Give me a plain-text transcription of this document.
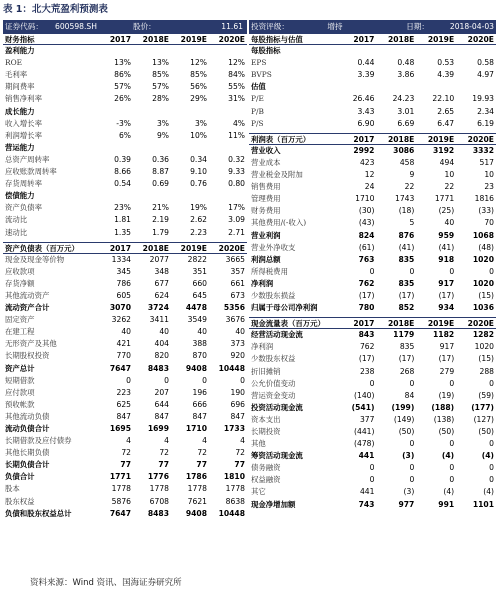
表 1：北大荒盈利预测表
证券代码：	600598.SH	股价：	11.61
财务指标	2017	2018E	2019E	2020E
盈利能力
ROE	13%	13%	12%	12%
毛利率	86%	85%	85%	84%
期间费率	57%	57%	56%	55%
销售净利率	26%	28%	29%	31%
成长能力
收入增长率	-3%	3%	3%	4%
利润增长率	6%	9%	10%	11%
营运能力
总资产周转率	0.39	0.36	0.34	0.32
应收账款周转率	8.66	8.87	9.10	9.33
存货周转率	0.54	0.69	0.76	0.80
偿债能力
资产负债率	23%	21%	19%	17%
流动比	1.81	2.19	2.62	3.09
速动比	1.35	1.79	2.23	2.71
资产负债表（百万元）	2017	2018E	2019E	2020E
现金及现金等价物	1334	2077	2822	3665
应收款项	345	348	351	357
存货净额	786	677	660	661
其他流动资产	605	624	645	673
流动资产合计	3070	3724	4478	5356
固定资产	3262	3411	3549	3676
在建工程	40	40	40	40
无形资产及其他	421	404	388	373
长期股权投资	770	820	870	920
资产总计	7647	8483	9408	10448
短期借款	0	0	0	0
应付款项	223	207	196	190
预收帐款	625	644	666	696
其他流动负债	847	847	847	847
流动负债合计	1695	1699	1710	1733
长期借款及应付债券	4	4	4	4
其他长期负债	72	72	72	72
长期负债合计	77	77	77	77
负债合计	1771	1776	1786	1810
股本	1778	1778	1778	1778
股东权益	5876	6708	7621	8638
负债和股东权益总计	7647	8483	9408	10448
投资评级：	增持	日期：	2018-04-03
每股指标与估值	2017	2018E	2019E	2020E
每股指标
EPS	0.44	0.48	0.53	0.58
BVPS	3.39	3.86	4.39	4.97
估值
P/E	26.46	24.23	22.10	19.93
P/B	3.43	3.01	2.65	2.34
P/S	6.90	6.69	6.47	6.19
利润表（百万元）	2017	2018E	2019E	2020E
营业收入	2992	3086	3192	3332
营业成本	423	458	494	517
营业税金及附加	12	9	10	10
销售费用	24	22	22	23
管理费用	1710	1743	1771	1816
财务费用	(30)	(18)	(25)	(33)
其他费用/(-收入)	(43)	5	40	70
营业利润	824	876	959	1068
营业外净收支	(61)	(41)	(41)	(48)
利润总额	763	835	918	1020
所得税费用	0	0	0	0
净利润	762	835	917	1020
少数股东损益	(17)	(17)	(17)	(15)
归属于母公司净利润	780	852	934	1036
现金流量表（百万元）	2017	2018E	2019E	2020E
经营活动现金流	843	1179	1182	1282
净利润	762	835	917	1020
少数股东权益	(17)	(17)	(17)	(15)
折旧摊销	238	268	279	288
公允价值变动	0	0	0	0
营运资金变动	(140)	84	(19)	(59)
投资活动现金流	(541)	(199)	(188)	(177)
资本支出	377	(149)	(138)	(127)
长期投资	(441)	(50)	(50)	(50)
其他	(478)	0	0	0
筹资活动现金流	441	(3)	(4)	(4)
债务融资	0	0	0	0
权益融资	0	0	0	0
其它	441	(3)	(4)	(4)
现金净增加额	743	977	991	1101
资料来源：Wind 资讯、国海证券研究所
